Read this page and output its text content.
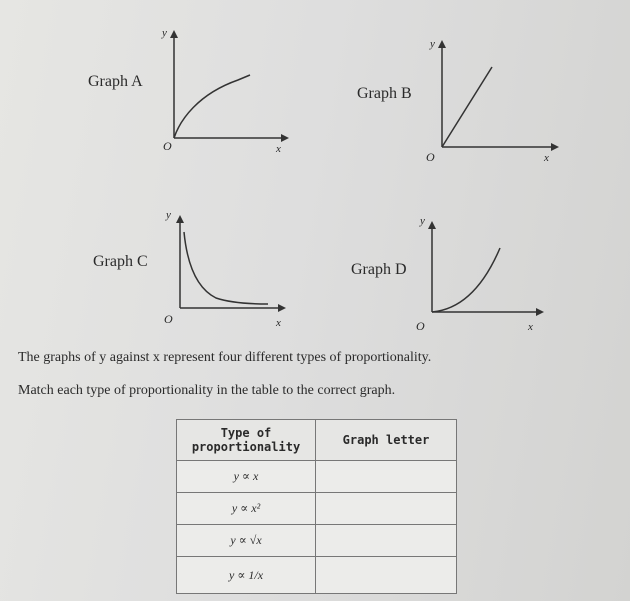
Graph A
y
x
O
Graph B
y
x
O
Graph C
y
x
O
Graph D
y
x
O
The graphs of y against x represent four different types of proportionality.
Match each type of proportionality in the table to the correct graph.
Type of
proportionality	Graph letter
y ∝ x	
y ∝ x²	
y ∝ √x	
y ∝ 1/x	
